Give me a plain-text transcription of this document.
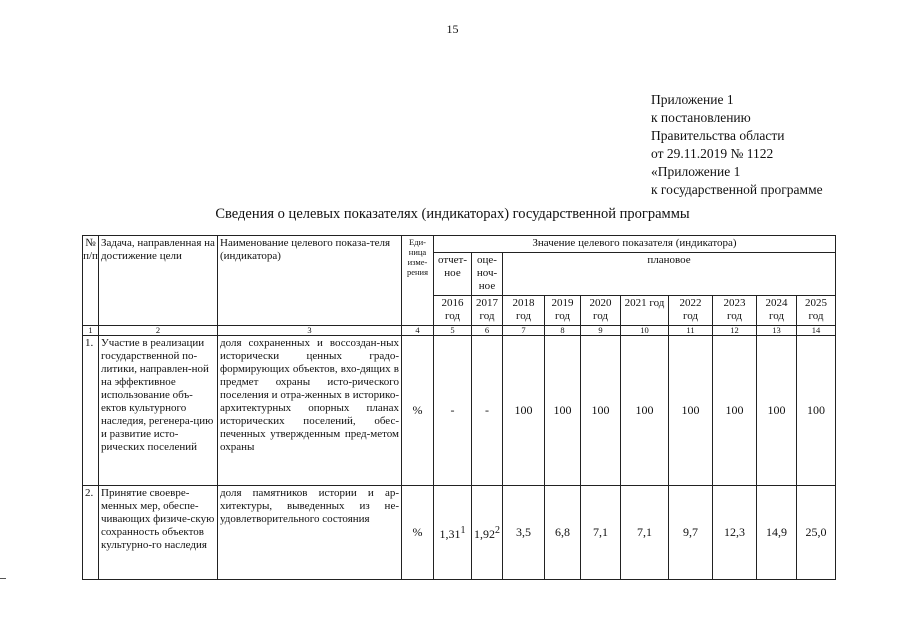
15
Приложение 1
к постановлению
Правительства области
от 29.11.2019 № 1122
«Приложение 1
к государственной программе
Сведения о целевых показателях (индикаторах) государственной программы
№ п/п	Задача, направленная на достижение цели	Наименование целевого показа-теля (индикатора)	Еди-ница изме-рения	Значение целевого показателя (индикатора)									
				отчет-ное	оце-ноч-ное	плановое							
				2016 год	2017 год	2018 год	2019 год	2020 год	2021 год	2022 год	2023 год	2024 год	2025 год
1	2	3	4	5	6	7	8	9	10	11	12	13	14
1.	Участие в реализации государственной по-литики, направлен-ной на эффективное использование объ-ектов культурного наследия, регенера-цию и развитие исто-рических поселений	доля сохраненных и воссоздан-ных исторически ценных градо-формирующих объектов, вхо-дящих в предмет охраны исто-рического поселения и отра-женных в историко-архитектурных опорных планах исторических поселений, обес-печенных утвержденным пред-метом охраны	%	-	-	100	100	100	100	100	100	100	100
2.	Принятие своевре-менных мер, обеспе-чивающих физиче-скую сохранность объектов культурно-го наследия	доля памятников истории и ар-хитектуры, выведенных из не-удовлетворительного состояния	%	1,31$^1$	1,92$^2$	3,5	6,8	7,1	7,1	9,7	12,3	14,9	25,0
